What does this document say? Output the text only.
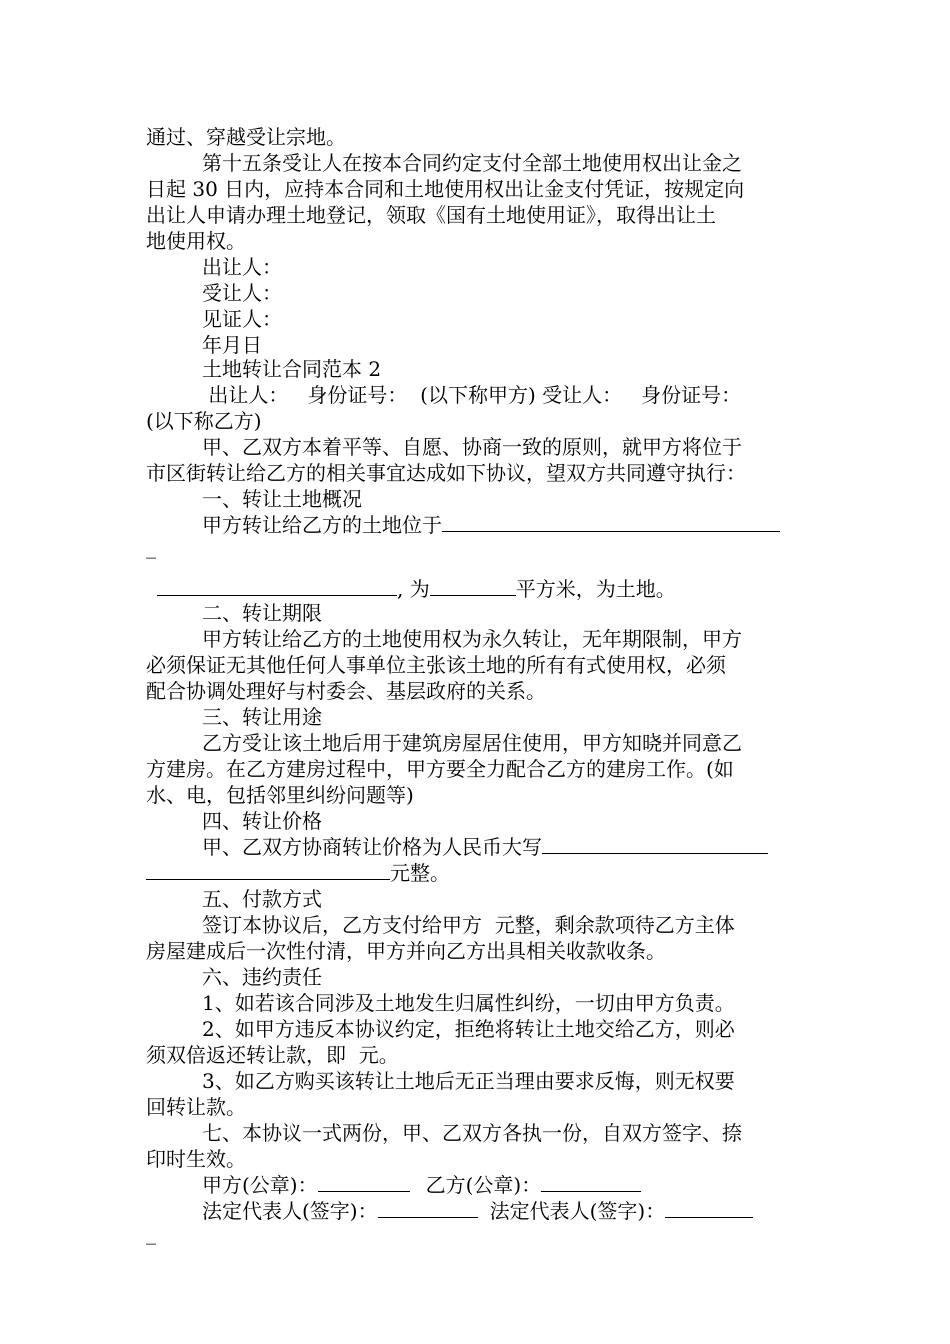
通过、穿越受让宗地。
第十五条受让人在按本合同约定支付全部土地使用权出让金之
日起 30 日内，应持本合同和土地使用权出让金支付凭证，按规定向
出让人申请办理土地登记，领取《国有土地使用证》，取得出让土
地使用权。
出让人：
受让人：
见证人：
年月日
土地转让合同范本 2
出让人：   身份证号：  (以下称甲方) 受让人：   身份证号：
(以下称乙方)
甲、乙双方本着平等、自愿、协商一致的原则，就甲方将位于
市区街转让给乙方的相关事宜达成如下协议，望双方共同遵守执行：
一、转让土地概况
甲方转让给乙方的土地位于
_
, 为	平方米，为土地。
二、转让期限
甲方转让给乙方的土地使用权为永久转让，无年期限制，甲方
必须保证无其他任何人事单位主张该土地的所有有式使用权，必须
配合协调处理好与村委会、基层政府的关系。
三、转让用途
乙方受让该土地后用于建筑房屋居住使用，甲方知晓并同意乙
方建房。在乙方建房过程中，甲方要全力配合乙方的建房工作。(如
水、电，包括邻里纠纷问题等)
四、转让价格
甲、乙双方协商转让价格为人民币大写
元整。
五、付款方式
签订本协议后，乙方支付给甲方  元整，剩余款项待乙方主体
房屋建成后一次性付清，甲方并向乙方出具相关收款收条。
六、违约责任
1、如若该合同涉及土地发生归属性纠纷，一切由甲方负责。
2、如甲方违反本协议约定，拒绝将转让土地交给乙方，则必
须双倍返还转让款，即  元。
3、如乙方购买该转让土地后无正当理由要求反悔，则无权要
回转让款。
七、本协议一式两份，甲、乙双方各执一份，自双方签字、捺
印时生效。
甲方(公章)：	乙方(公章)：
法定代表人(签字)：	法定代表人(签字)：
_
